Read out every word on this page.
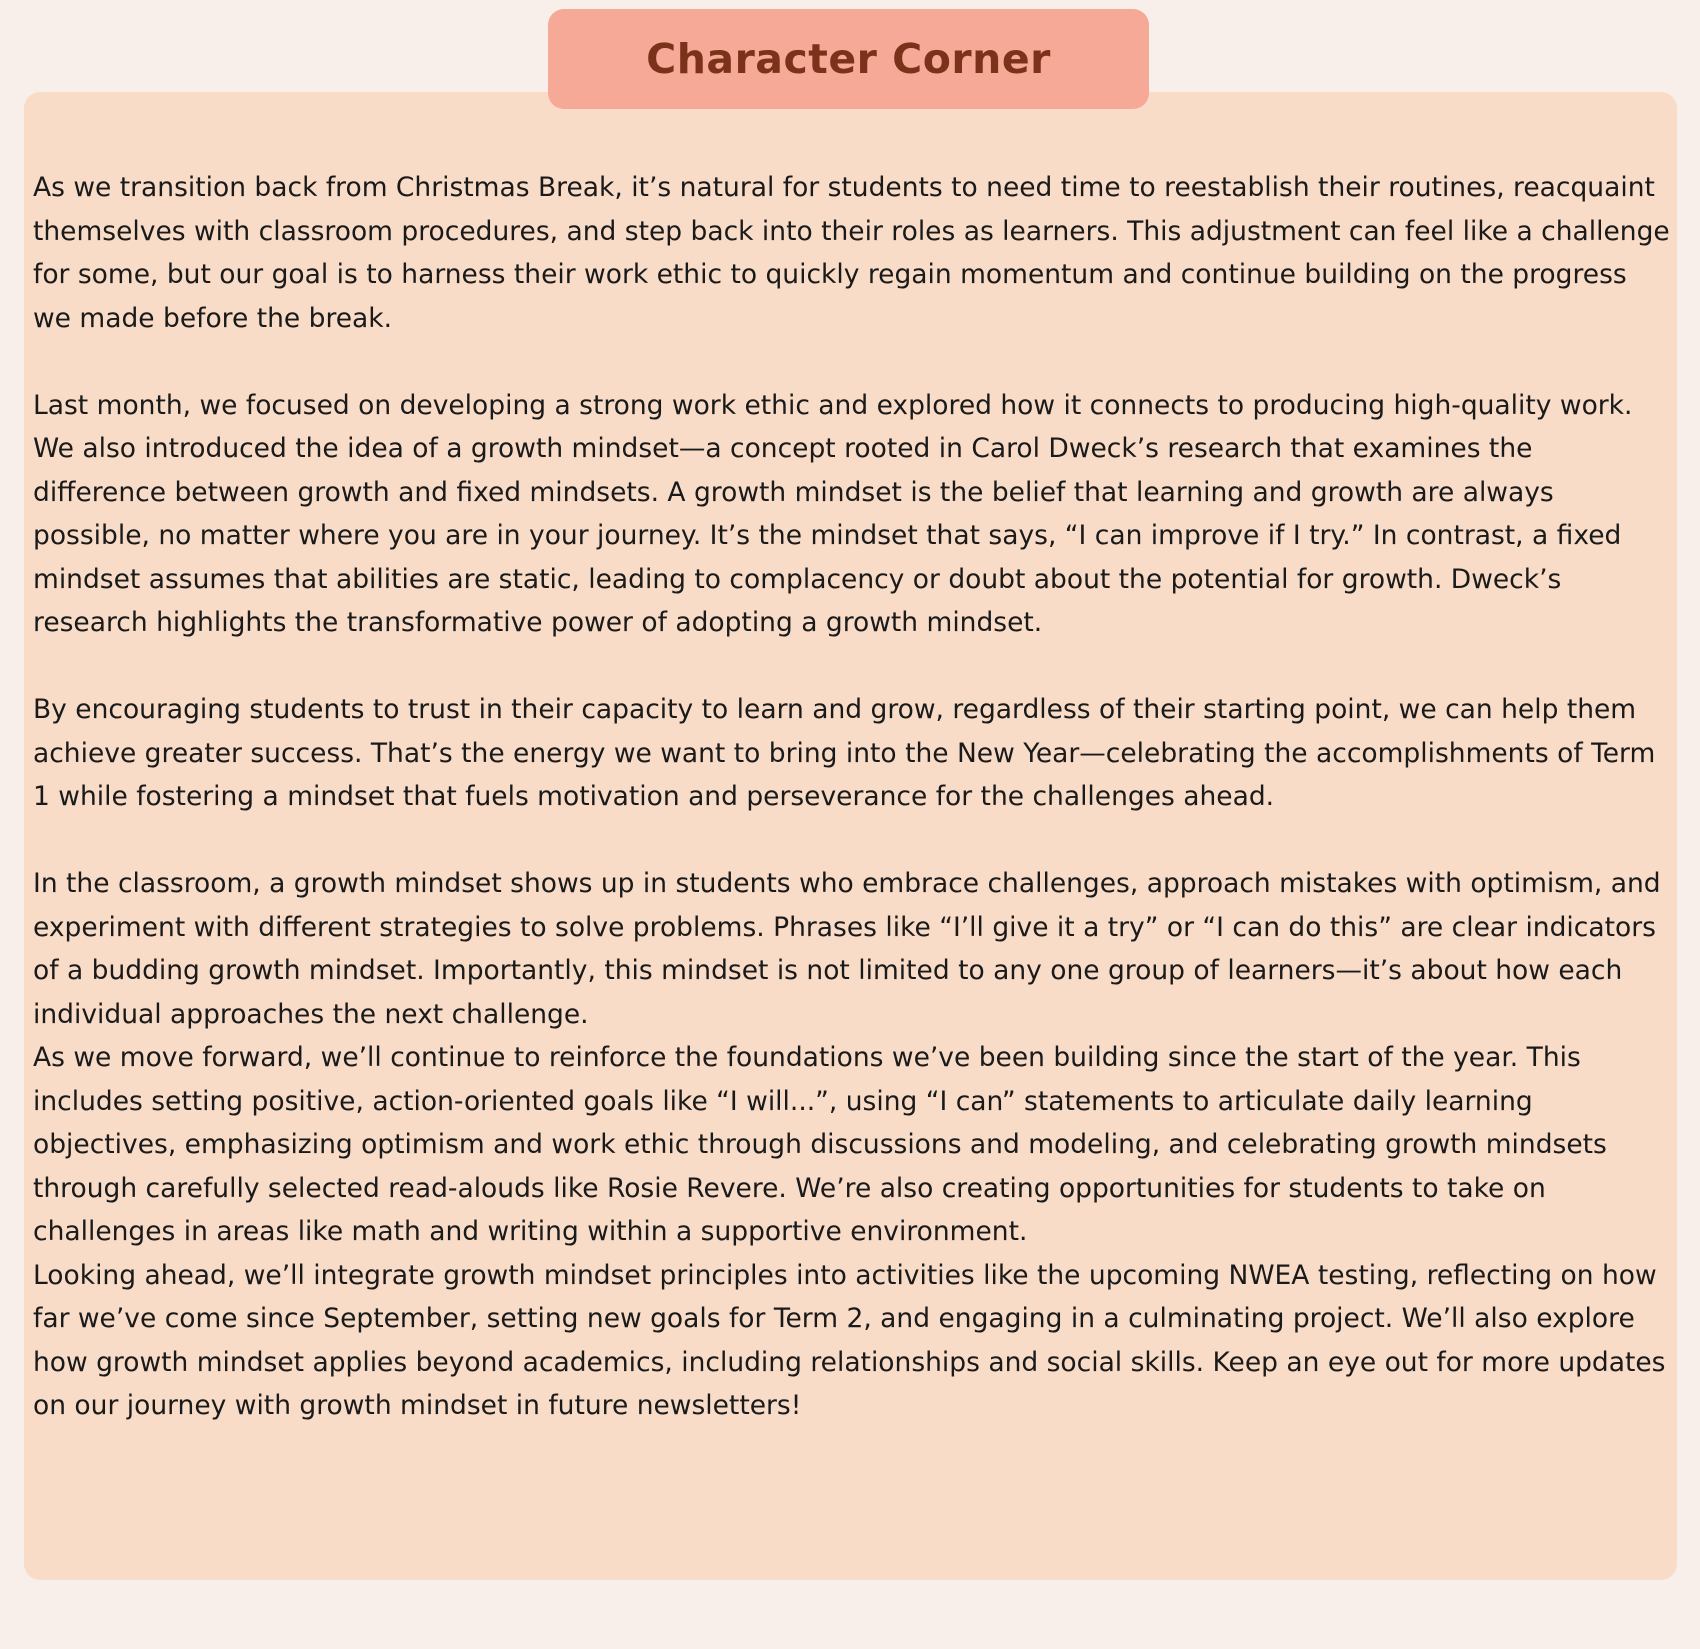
Character Corner

As we transition back from Christmas Break, it’s natural for students to need time to reestablish their routines, reacquaint themselves with classroom procedures, and step back into their roles as learners. This adjustment can feel like a challenge for some, but our goal is to harness their work ethic to quickly regain momentum and continue building on the progress we made before the break.

Last month, we focused on developing a strong work ethic and explored how it connects to producing high-quality work. We also introduced the idea of a growth mindset—a concept rooted in Carol Dweck’s research that examines the difference between growth and fixed mindsets. A growth mindset is the belief that learning and growth are always possible, no matter where you are in your journey. It’s the mindset that says, “I can improve if I try.” In contrast, a fixed mindset assumes that abilities are static, leading to complacency or doubt about the potential for growth. Dweck’s research highlights the transformative power of adopting a growth mindset.

By encouraging students to trust in their capacity to learn and grow, regardless of their starting point, we can help them achieve greater success. That’s the energy we want to bring into the New Year—celebrating the accomplishments of Term 1 while fostering a mindset that fuels motivation and perseverance for the challenges ahead.

In the classroom, a growth mindset shows up in students who embrace challenges, approach mistakes with optimism, and experiment with different strategies to solve problems. Phrases like “I’ll give it a try” or “I can do this” are clear indicators of a budding growth mindset. Importantly, this mindset is not limited to any one group of learners—it’s about how each individual approaches the next challenge.

As we move forward, we’ll continue to reinforce the foundations we’ve been building since the start of the year. This includes setting positive, action-oriented goals like “I will...”, using “I can” statements to articulate daily learning objectives, emphasizing optimism and work ethic through discussions and modeling, and celebrating growth mindsets through carefully selected read-alouds like Rosie Revere. We’re also creating opportunities for students to take on challenges in areas like math and writing within a supportive environment.

Looking ahead, we’ll integrate growth mindset principles into activities like the upcoming NWEA testing, reflecting on how far we’ve come since September, setting new goals for Term 2, and engaging in a culminating project. We’ll also explore how growth mindset applies beyond academics, including relationships and social skills. Keep an eye out for more updates on our journey with growth mindset in future newsletters!
